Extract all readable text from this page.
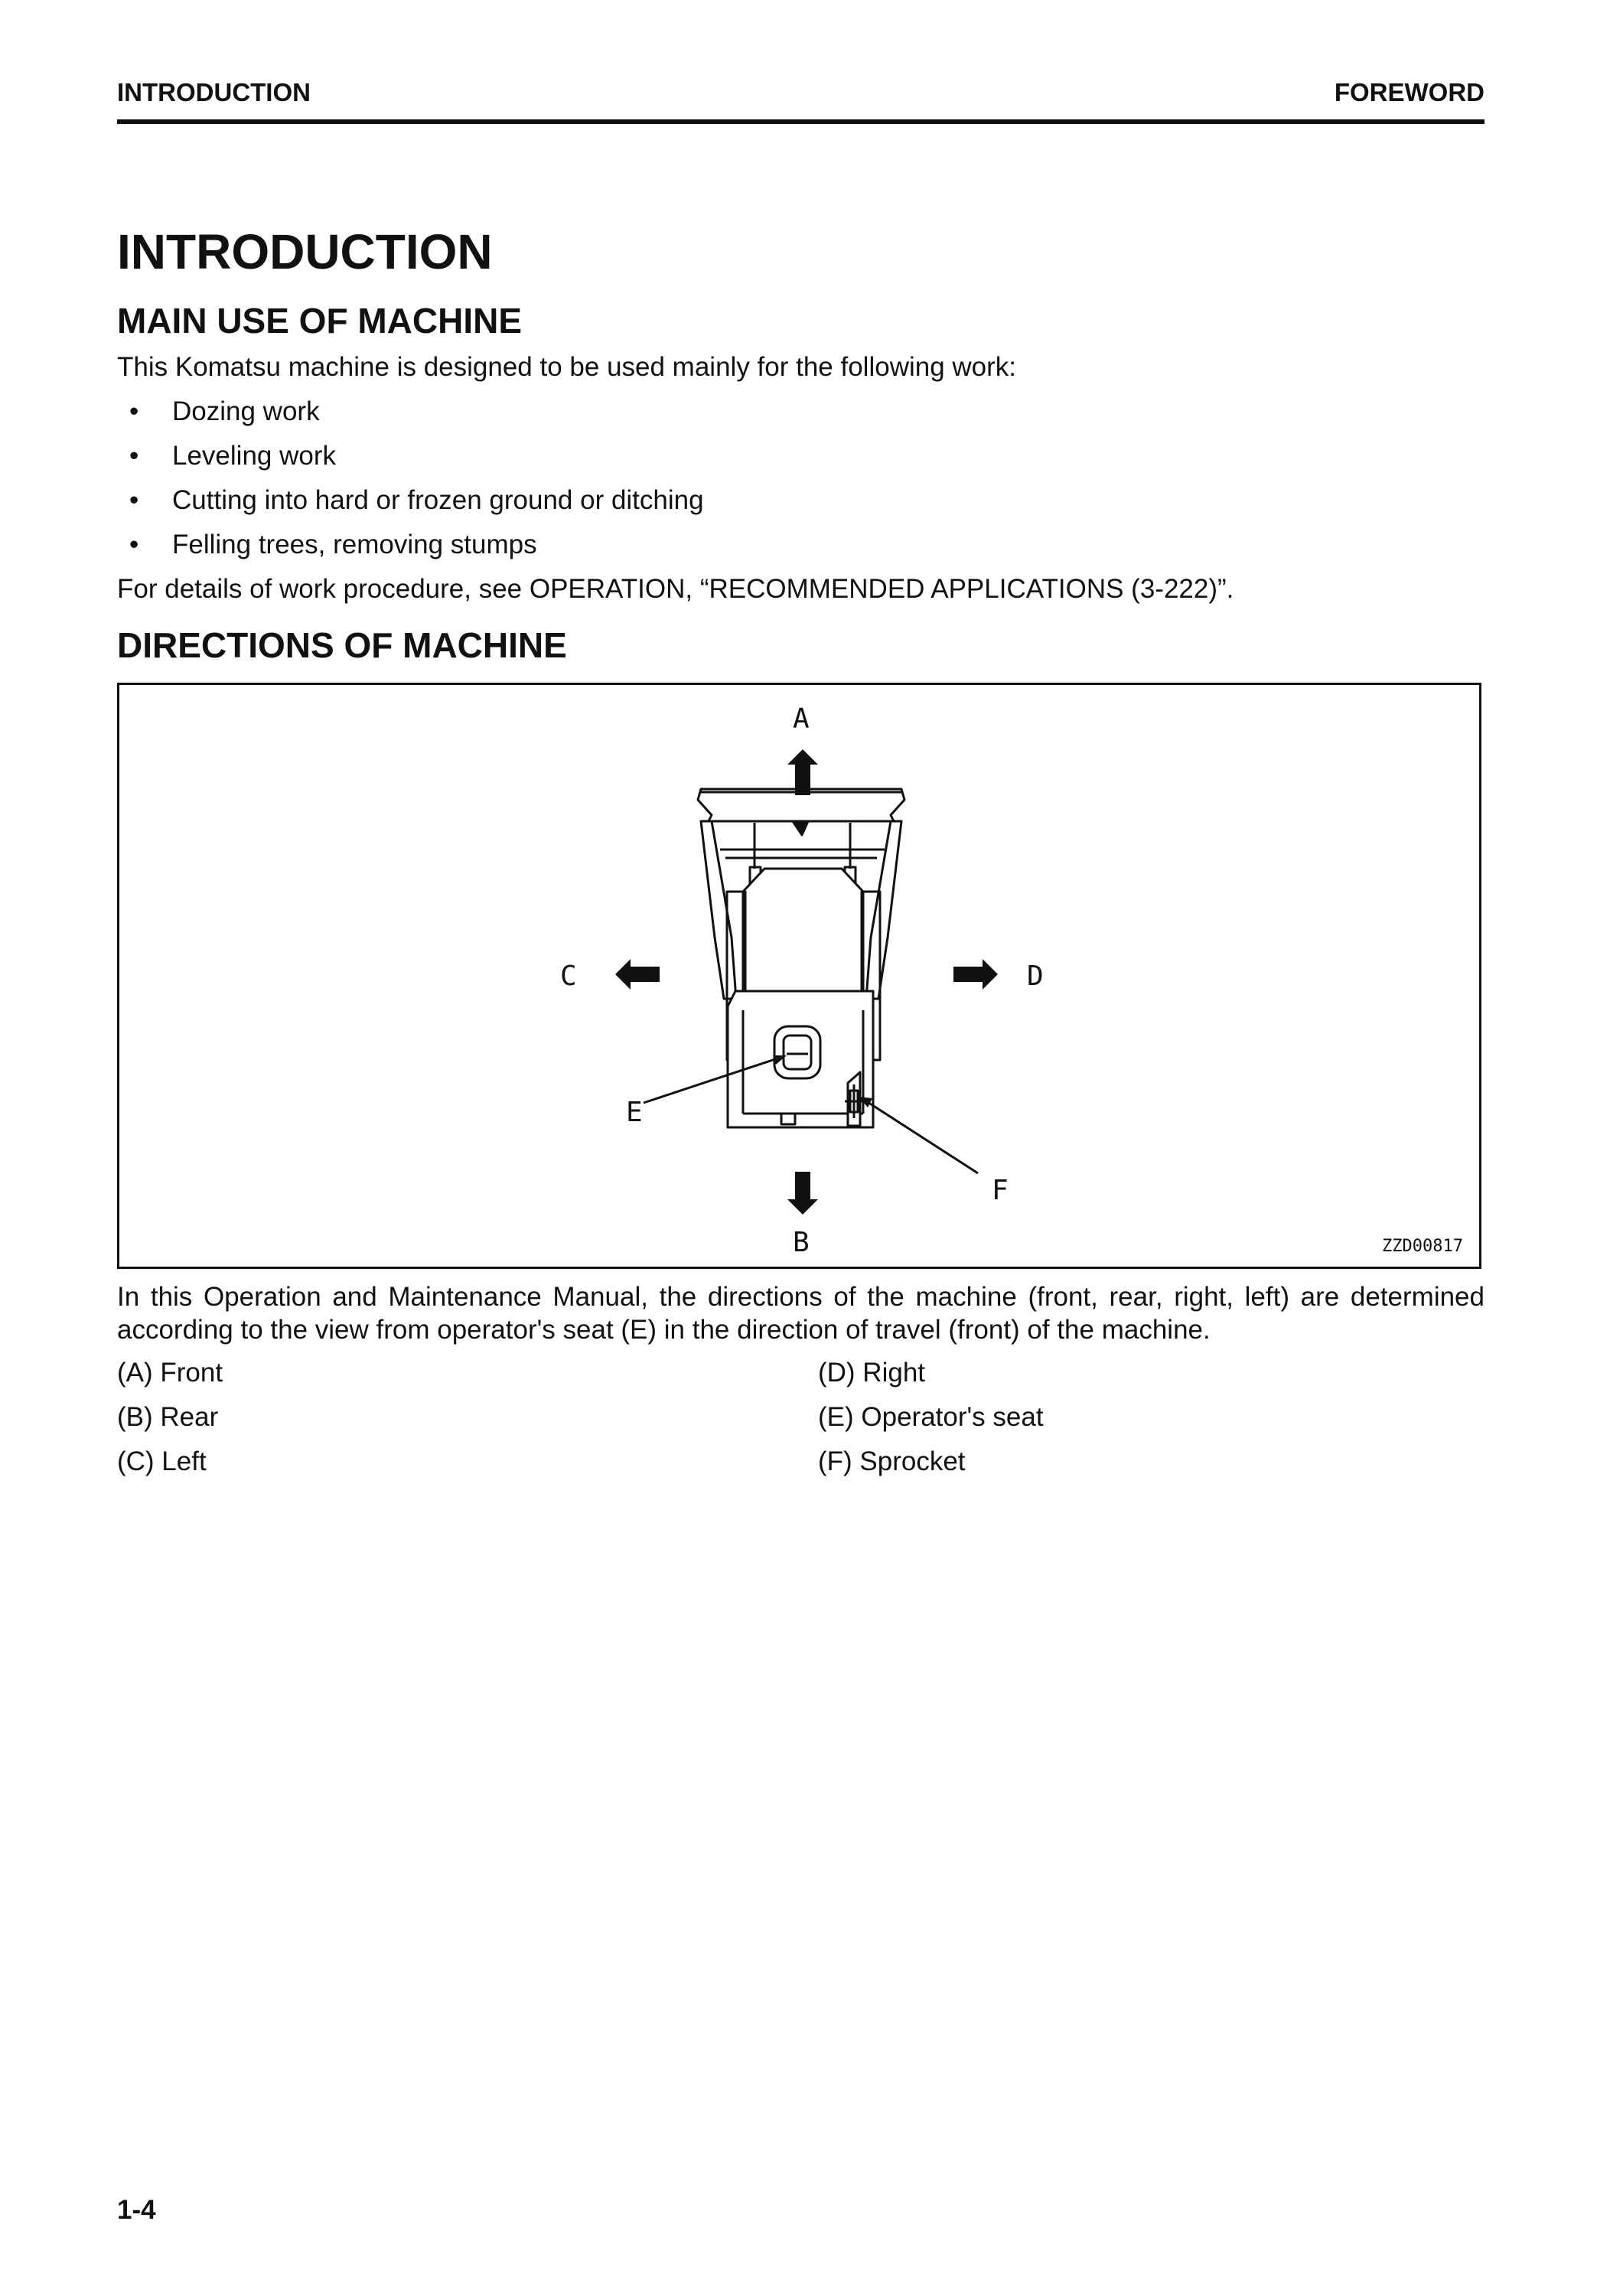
INTRODUCTION	FOREWORD
INTRODUCTION
MAIN USE OF MACHINE
This Komatsu machine is designed to be used mainly for the following work:
• Dozing work
• Leveling work
• Cutting into hard or frozen ground or ditching
• Felling trees, removing stumps
For details of work procedure, see OPERATION, “RECOMMENDED APPLICATIONS (3-222)”.
DIRECTIONS OF MACHINE
A
B
C	D
E
F
ZZD00817
In this Operation and Maintenance Manual, the directions of the machine (front, rear, right, left) are determined according to the view from operator's seat (E) in the direction of travel (front) of the machine.
(A) Front
(B) Rear
(C) Left
(D) Right
(E) Operator's seat
(F) Sprocket
1-4
